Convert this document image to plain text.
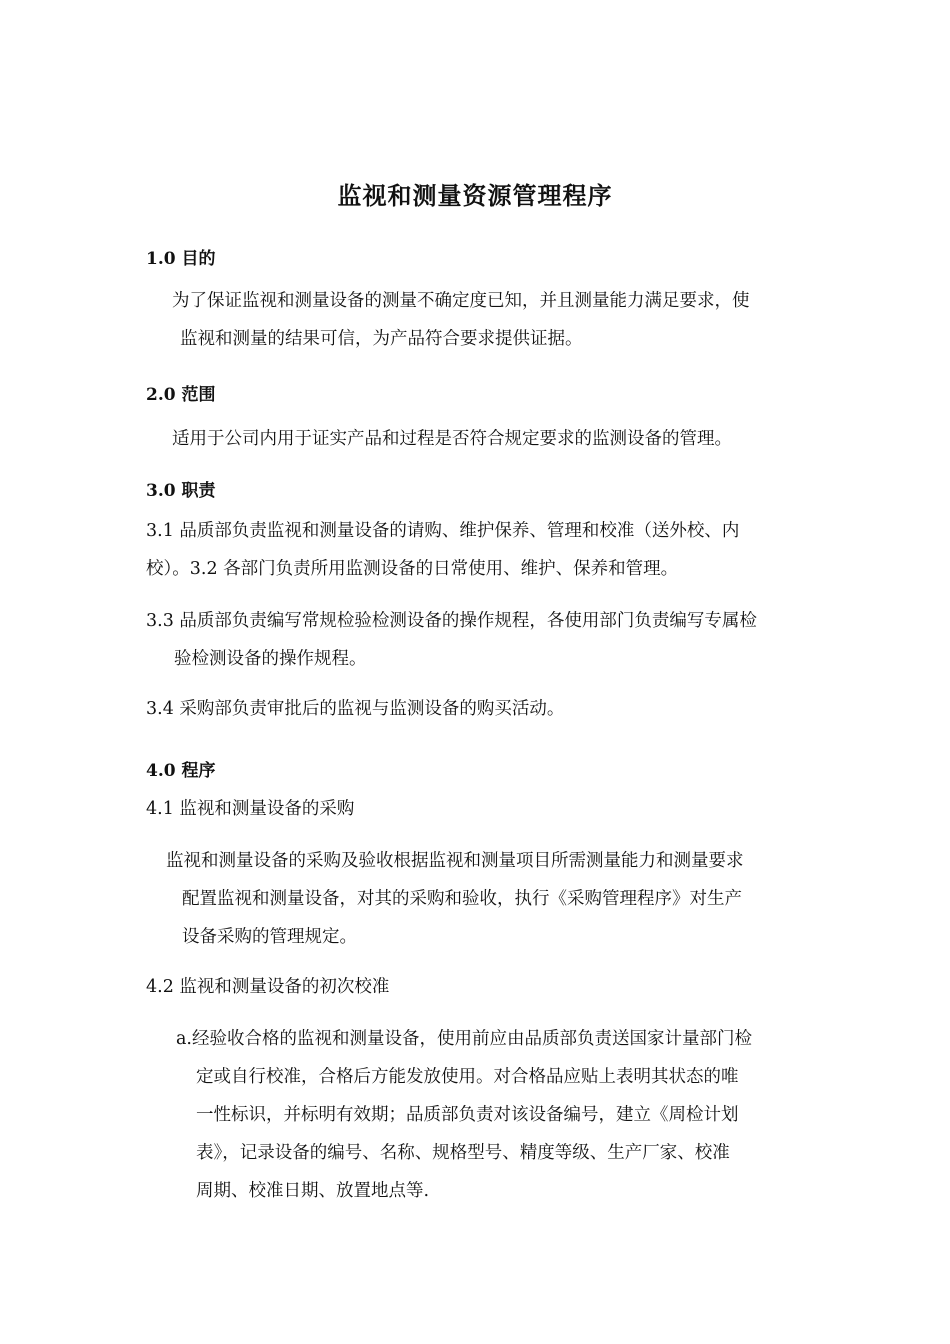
监视和测量资源管理程序
1.0 目的
为了保证监视和测量设备的测量不确定度已知，并且测量能力满足要求，使
监视和测量的结果可信，为产品符合要求提供证据。
2.0 范围
适用于公司内用于证实产品和过程是否符合规定要求的监测设备的管理。
3.0 职责
3.1 品质部负责监视和测量设备的请购、维护保养、管理和校准（送外校、内
校）。3.2 各部门负责所用监测设备的日常使用、维护、保养和管理。
3.3 品质部负责编写常规检验检测设备的操作规程，各使用部门负责编写专属检
验检测设备的操作规程。
3.4 采购部负责审批后的监视与监测设备的购买活动。
4.0 程序
4.1 监视和测量设备的采购
监视和测量设备的采购及验收根据监视和测量项目所需测量能力和测量要求
配置监视和测量设备，对其的采购和验收，执行《采购管理程序》对生产
设备采购的管理规定。
4.2 监视和测量设备的初次校准
a.经验收合格的监视和测量设备，使用前应由品质部负责送国家计量部门检
定或自行校准，合格后方能发放使用。对合格品应贴上表明其状态的唯
一性标识，并标明有效期；品质部负责对该设备编号，建立《周检计划
表》，记录设备的编号、名称、规格型号、精度等级、生产厂家、校准
周期、校准日期、放置地点等.
